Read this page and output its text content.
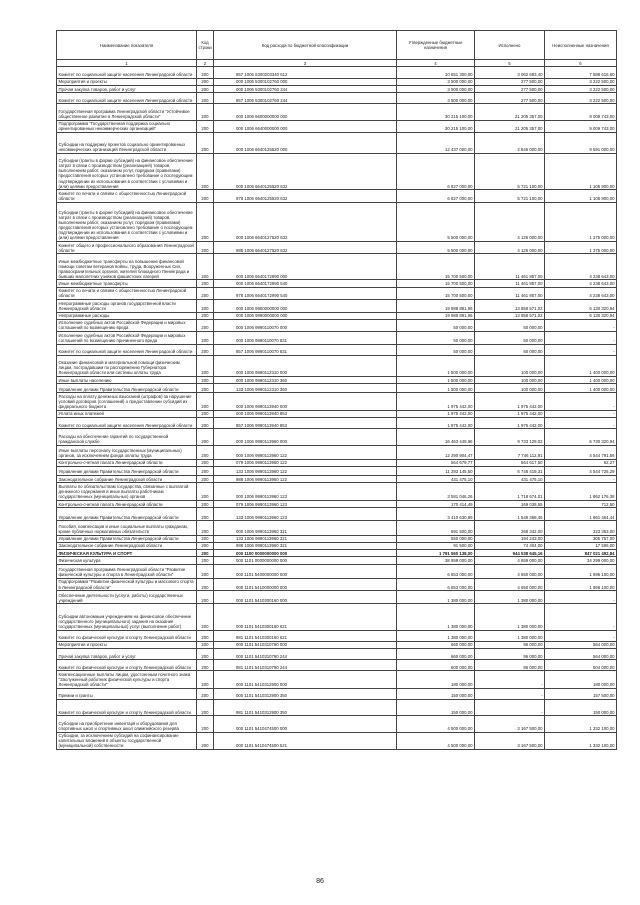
Наименование показателя	Код строки	Код расхода по бюджетной классификации	Утвержденные бюджетные назначения	Исполнено	Неисполненные назначения
1	2	3	4	5	6
Комитет по социальной защите населения Ленинградской области	200	857 1006 5300203340 612	10 651 300,00	3 062 683,40	7 588 616,60
Мероприятия и проекты	200	000 1006 5300102760 000	3 500 000,00	277 500,00	3 222 500,00
Прочая закупка товаров, работ и услуг	200	000 1006 5300102760 244	3 500 000,00	277 500,00	3 222 500,00
Комитет по социальной защите населения Ленинградской области	200	857 1006 5300102760 244	3 500 000,00	277 500,00	3 222 500,00
Государственная программа Ленинградской области "Устойчивое общественное развитие в Ленинградской области"	200	000 1006 6600000000 000	30 215 100,00	21 205 357,00	9 009 743,00
Подпрограмма "Государственная поддержка социально ориентированных некоммерческих организаций"	200	000 1006 6640000000 000	30 215 100,00	21 205 357,00	9 009 743,00
Субсидии на поддержку проектов социально ориентированных некоммерческих организаций Ленинградской области	200	000 1006 6640125520 000	12 437 000,00	2 846 000,00	9 591 000,00
Субсидии (гранты в форме субсидий) на финансовое обеспечение затрат в связи с производством (реализацией) товаров, выполнением работ, оказанием услуг, порядком (правилами) предоставления которых установлено требование о последующем подтверждении их использования в соответствии с условиями и (или) целями предоставления	200	000 1006 6640125520 632	6 827 000,00	5 721 100,00	1 105 900,00
Комитет по печати и связям с общественностью Ленинградской области	200	978 1006 6640125520 632	6 827 000,00	5 721 100,00	1 105 900,00
Субсидии (гранты в форме субсидий) на финансовое обеспечение затрат в связи с производством (реализацией) товаров, выполнением работ, оказанием услуг, порядком (правилами) предоставления которых установлено требование о последующем подтверждении их использования в соответствии с условиями и (или) целями предоставления	200	000 1006 6640127520 632	5 500 000,00	4 125 000,00	1 375 000,00
Комитет общего и профессионального образования Ленинградской области	200	985 1006 6640127520 632	5 500 000,00	4 125 000,00	1 375 000,00
Иные межбюджетные трансферты на повышение финансовой помощи советам ветеранов войны, труда, Вооруженных Сил, правоохранительных органов, жителей блокадного Ленинграда и бывших малолетних узников фашистских лагерей	200	000 1006 6640172990 000	15 700 500,00	11 461 857,00	4 238 643,00
Иные межбюджетные трансферты	200	000 1006 6640172990 540	15 700 500,00	11 461 857,00	4 238 643,00
Комитет по печати и связям с общественностью Ленинградской области	200	978 1006 6640172990 540	15 700 500,00	11 461 857,00	4 238 643,00
Непрограммные расходы органов государственной власти Ленинградской области	200	000 1006 9900000000 000	19 988 891,96	13 858 571,02	6 130 320,94
Непрограммные расходы	200	000 1006 9990000000 000	19 988 891,96	13 858 571,02	6 130 320,94
Исполнение судебных актов Российской Федерации и мировых соглашений по возмещению вреда	200	000 1006 9990110070 000	50 000,00	50 000,00	-
Исполнение судебных актов Российской Федерации и мировых соглашений по возмещению причиненного вреда	200	000 1006 9990110070 831	50 000,00	50 000,00	-
Комитет по социальной защите населения Ленинградской области	200	857 1006 9990110070 831	50 000,00	50 000,00	-
Оказание финансовой и материальной помощи физическим лицам, пострадавшим по распоряжению Губернатора Ленинградской области или системы оплаты труда	200	000 1006 9990112310 000	1 500 000,00	100 000,00	1 400 000,00
Иные выплаты населению	200	000 1006 9990112310 360	1 500 000,00	100 000,00	1 400 000,00
Управление делами Правительства Ленинградской области	200	133 1006 9990112310 360	1 500 000,00	100 000,00	1 400 000,00
Расходы на оплату денежных взысканий (штрафов) за нарушение условий договоров (соглашений) о предоставлении субсидий из федерального бюджета	200	000 1006 9990113940 000	1 975 442,00	1 975 442,00	-
Уплата иных платежей	200	000 1006 9990113940 853	1 975 442,00	1 975 442,00	-
Комитет по социальной защите населения Ленинградской области	200	857 1006 9990113940 853	1 975 442,00	1 975 442,00	-
Расходы на обеспечение гарантий по государственной гражданской службе	200	000 1006 9990113960 000	16 463 449,96	9 733 129,02	6 730 320,94
Иные выплаты персоналу государственных (муниципальных) органов, за исключением фонда оплаты труда	200	000 1006 9990113960 122	12 290 904,47	7 746 112,91	4 544 791,56
Контрольно-счетная палата Ленинградской области	200	079 1006 9990113960 122	564 679,77	564 617,50	62,27
Управление делами Правительства Ленинградской области	200	133 1006 9990113960 122	11 293 145,50	6 748 419,31	4 544 726,29
Законодательное собрание Ленинградской области	200	988 1006 9990113960 122	431 475,10	431 475,10	-
Выплаты по обязательствам государства, связанные с выплатой денежного содержания и иные выплаты работникам государственных (муниципальных) органов	200	000 1006 9990113960 123	3 581 046,26	1 718 674,01	1 862 176,38
Контрольно-счетная палата Ленинградской области	200	079 1006 9990113960 123	170 414,49	169 038,55	712,50
Управление делами Правительства Ленинградской области	200	133 1006 9990113960 123	3 410 630,89	1 549 368,45	1 861 464,44
Пособия, компенсации и иные социальные выплаты гражданам, кроме публичных нормативных обязательств	200	000 1006 9990113960 321	591 500,00	268 342,00	323 353,00
Управление делами Правительства Ленинградской области	200	133 1006 9990113960 321	550 000,00	194 243,00	305 757,00
Законодательное собрание Ленинградской области	200	988 1006 9990113960 321	91 500,00	74 404,00	17 596,00
ФИЗИЧЕСКАЯ КУЛЬТУРА И СПОРТ	200	000 1100 0000000000 000	1 791 560 138,00	944 538 645,16	847 021 492,84
Физическая культура	200	000 1101 0000000000 000	38 958 000,00	4 659 000,00	34 299 000,00
Государственная программа Ленинградской области "Развитие физической культуры и спорта в Ленинградской области"	200	000 1101 5400000000 000	6 653 000,00	4 650 000,00	1 996 100,00
Подпрограмма "Развитие физической культуры и массового спорта в Ленинградской области"	200	000 1101 5410000000 000	6 653 000,00	4 650 000,00	1 996 100,00
Обеспечение деятельности (услуги, работы) государственных учреждений	200	000 1101 5410300160 000	1 380 000,00	1 380 000,00	-
Субсидии автономным учреждениям на финансовое обеспечение государственного (муниципального) задания на оказание государственных (муниципальных) услуг (выполнение работ)	200	000 1101 5410300160 621	1 380 000,00	1 380 000,00	-
Комитет по физической культуре и спорту Ленинградской области	200	981 1101 5410300160 621	1 380 000,00	1 380 000,00	-
Мероприятия и проекты	200	000 1101 5410310790 000	660 000,00	96 000,00	564 000,00
Прочая закупка товаров, работ и услуг	200	000 1101 5410310790 244	660 000,00	96 000,00	564 000,00
Комитет по физической культуре и спорту Ленинградской области	200	981 1101 5410310790 244	600 000,00	96 000,00	504 000,00
Компенсационные выплаты лицам, удостоенным почетного знака "Заслуженный работник физической культуры и спорта Ленинградской области"	200	000 1101 5410312900 000	180 000,00	-	180 000,00
Премии и гранты	200	000 1101 5410312900 350	150 000,00	-	157 500,00
Комитет по физической культуре и спорту Ленинградской области	200	981 1101 5410312900 350	150 000,00	-	150 000,00
Субсидии на приобретение инвентаря и оборудования для спортивных школ и спортивных школ олимпийского резерва	200	000 1101 5410474500 000	4 500 000,00	3 167 500,00	1 332 100,00
Субсидии, за исключением субсидий на софинансирование капитальных вложений в объекты государственной (муниципальной) собственности	200	000 1101 5410474500 521	4 500 000,00	3 167 500,00	1 332 100,00
86
